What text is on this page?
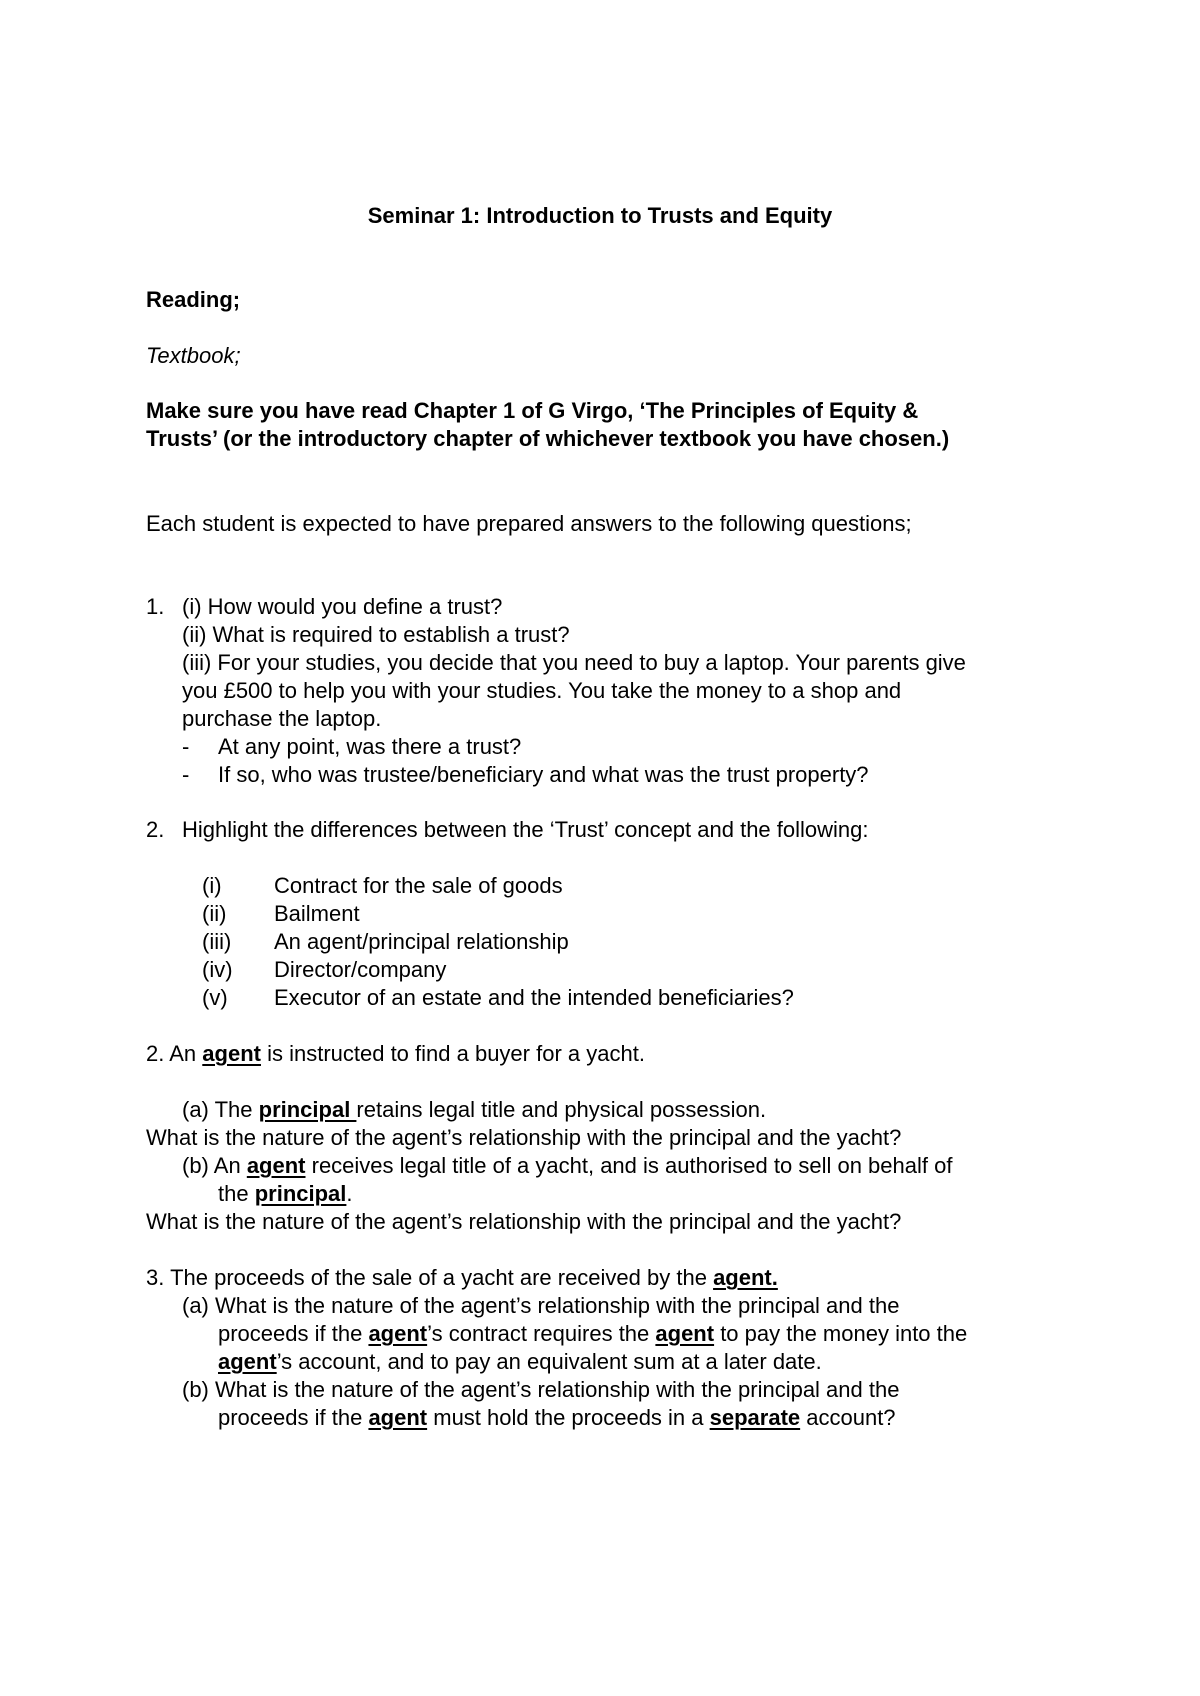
Seminar 1: Introduction to Trusts and Equity

Reading;

Textbook;

Make sure you have read Chapter 1 of G Virgo, ‘The Principles of Equity &

Trusts’ (or the introductory chapter of whichever textbook you have chosen.)

Each student is expected to have prepared answers to the following questions;

1. (i) How would you define a trust?

(ii) What is required to establish a trust?

(iii) For your studies, you decide that you need to buy a laptop. Your parents give

you £500 to help you with your studies. You take the money to a shop and

purchase the laptop.

- At any point, was there a trust?

- If so, who was trustee/beneficiary and what was the trust property?

2. Highlight the differences between the ‘Trust’ concept and the following:

(i) Contract for the sale of goods

(ii) Bailment

(iii) An agent/principal relationship

(iv) Director/company

(v) Executor of an estate and the intended beneficiaries?

2. An agent is instructed to find a buyer for a yacht.

(a) The principal retains legal title and physical possession.

What is the nature of the agent’s relationship with the principal and the yacht?

(b) An agent receives legal title of a yacht, and is authorised to sell on behalf of

the principal.

What is the nature of the agent’s relationship with the principal and the yacht?

3. The proceeds of the sale of a yacht are received by the agent.

(a) What is the nature of the agent’s relationship with the principal and the

proceeds if the agent’s contract requires the agent to pay the money into the

agent’s account, and to pay an equivalent sum at a later date.

(b) What is the nature of the agent’s relationship with the principal and the

proceeds if the agent must hold the proceeds in a separate account?
